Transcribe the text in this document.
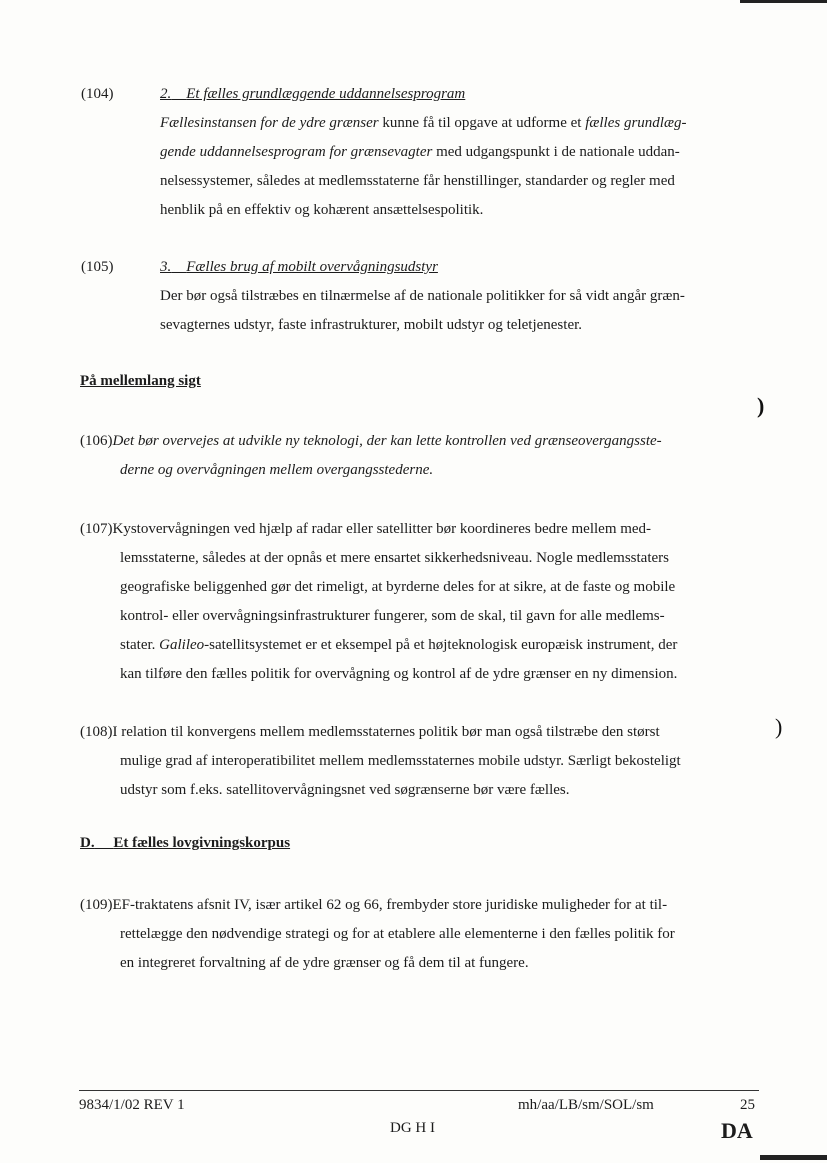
(104)	2. Et fælles grundlæggende uddannelsesprogram
Fællesinstansen for de ydre grænser kunne få til opgave at udforme et fælles grundlæg-
gende uddannelsesprogram for grænsevagter med udgangspunkt i de nationale uddan-
nelsessystemer, således at medlemsstaterne får henstillinger, standarder og regler med
henblik på en effektiv og kohærent ansættelsespolitik.
(105)	3. Fælles brug af mobilt overvågningsudstyr
Der bør også tilstræbes en tilnærmelse af de nationale politikker for så vidt angår græn-
sevagternes udstyr, faste infrastrukturer, mobilt udstyr og teletjenester.
På mellemlang sigt
)
(106)Det bør overvejes at udvikle ny teknologi, der kan lette kontrollen ved grænseovergangsste-
derne og overvågningen mellem overgangsstederne.
(107)Kystovervågningen ved hjælp af radar eller satellitter bør koordineres bedre mellem med-
lemsstaterne, således at der opnås et mere ensartet sikkerhedsniveau. Nogle medlemsstaters
geografiske beliggenhed gør det rimeligt, at byrderne deles for at sikre, at de faste og mobile
kontrol- eller overvågningsinfrastrukturer fungerer, som de skal, til gavn for alle medlems-
stater. Galileo-satellitsystemet er et eksempel på et højteknologisk europæisk instrument, der
kan tilføre den fælles politik for overvågning og kontrol af de ydre grænser en ny dimension.
(108)I relation til konvergens mellem medlemsstaternes politik bør man også tilstræbe den størst
mulige grad af interoperatibilitet mellem medlemsstaternes mobile udstyr. Særligt bekosteligt
udstyr som f.eks. satellitovervågningsnet ved søgrænserne bør være fælles.
)
D. Et fælles lovgivningskorpus
(109)EF-traktatens afsnit IV, især artikel 62 og 66, frembyder store juridiske muligheder for at til-
rettelægge den nødvendige strategi og for at etablere alle elementerne i den fælles politik for
en integreret forvaltning af de ydre grænser og få dem til at fungere.
9834/1/02 REV 1	mh/aa/LB/sm/SOL/sm	25
DG H I	DA
